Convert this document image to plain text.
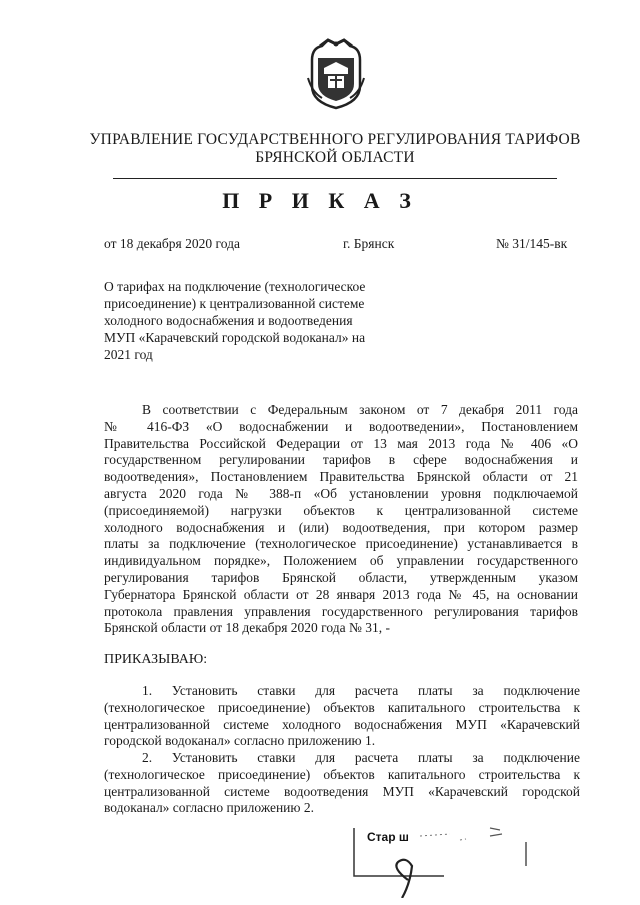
УПРАВЛЕНИЕ ГОСУДАРСТВЕННОГО РЕГУЛИРОВАНИЯ ТАРИФОВ
БРЯНСКОЙ ОБЛАСТИ
П Р И К А З
от 18 декабря 2020 года	г. Брянск	№ 31/145-вк
О тарифах на подключение (технологическое
присоединение) к централизованной системе
холодного водоснабжения и водоотведения
МУП «Карачевский городской водоканал» на
2021 год
В соответствии с Федеральным законом от 7 декабря 2011 года
№ 416-ФЗ «О водоснабжении и водоотведении», Постановлением
Правительства Российской Федерации от 13 мая 2013 года № 406 «О
государственном регулировании тарифов в сфере водоснабжения и
водоотведения», Постановлением Правительства Брянской области от 21
августа 2020 года № 388-п «Об установлении уровня подключаемой
(присоединяемой) нагрузки объектов к централизованной системе
холодного водоснабжения и (или) водоотведения, при котором размер
платы за подключение (технологическое присоединение) устанавливается в
индивидуальном порядке», Положением об управлении государственного
регулирования тарифов Брянской области, утвержденным указом
Губернатора Брянской области от 28 января 2013 года № 45, на основании
протокола правления управления государственного регулирования тарифов
Брянской области от 18 декабря 2020 года № 31, -
ПРИКАЗЫВАЮ:
1. Установить ставки для расчета платы за подключение
(технологическое присоединение) объектов капитального строительства к
централизованной системе холодного водоснабжения МУП «Карачевский
городской водоканал» согласно приложению 1.
2. Установить ставки для расчета платы за подключение
(технологическое присоединение) объектов капитального строительства к
централизованной системе водоотведения МУП «Карачевский городской
водоканал» согласно приложению 2.
Стар ш
